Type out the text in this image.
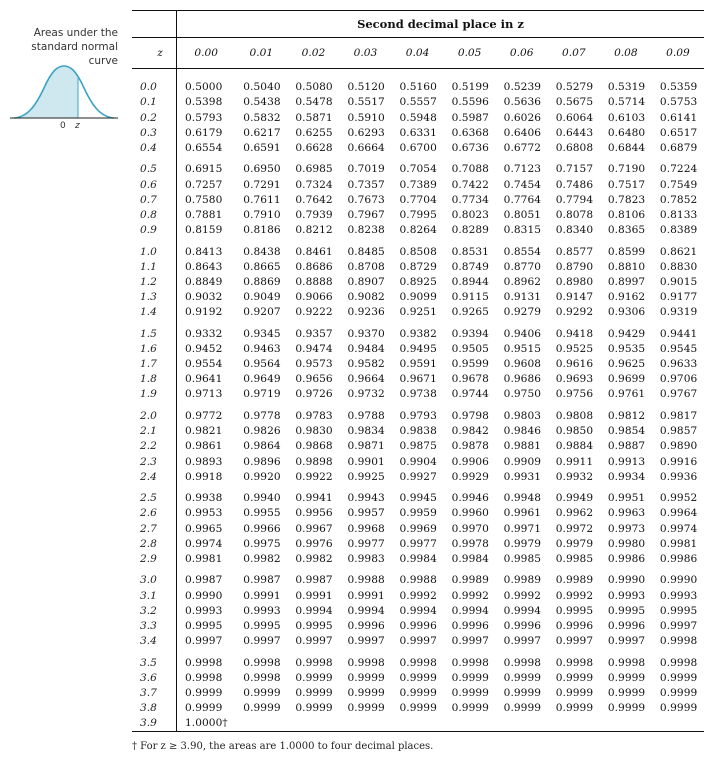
Areas under the standard normal curve
0 z
	Second decimal place in z									
z	0.00	0.01	0.02	0.03	0.04	0.05	0.06	0.07	0.08	0.09
0.0	0.5000	0.5040	0.5080	0.5120	0.5160	0.5199	0.5239	0.5279	0.5319	0.5359
0.1	0.5398	0.5438	0.5478	0.5517	0.5557	0.5596	0.5636	0.5675	0.5714	0.5753
0.2	0.5793	0.5832	0.5871	0.5910	0.5948	0.5987	0.6026	0.6064	0.6103	0.6141
0.3	0.6179	0.6217	0.6255	0.6293	0.6331	0.6368	0.6406	0.6443	0.6480	0.6517
0.4	0.6554	0.6591	0.6628	0.6664	0.6700	0.6736	0.6772	0.6808	0.6844	0.6879

0.5	0.6915	0.6950	0.6985	0.7019	0.7054	0.7088	0.7123	0.7157	0.7190	0.7224
0.6	0.7257	0.7291	0.7324	0.7357	0.7389	0.7422	0.7454	0.7486	0.7517	0.7549
0.7	0.7580	0.7611	0.7642	0.7673	0.7704	0.7734	0.7764	0.7794	0.7823	0.7852
0.8	0.7881	0.7910	0.7939	0.7967	0.7995	0.8023	0.8051	0.8078	0.8106	0.8133
0.9	0.8159	0.8186	0.8212	0.8238	0.8264	0.8289	0.8315	0.8340	0.8365	0.8389

1.0	0.8413	0.8438	0.8461	0.8485	0.8508	0.8531	0.8554	0.8577	0.8599	0.8621
1.1	0.8643	0.8665	0.8686	0.8708	0.8729	0.8749	0.8770	0.8790	0.8810	0.8830
1.2	0.8849	0.8869	0.8888	0.8907	0.8925	0.8944	0.8962	0.8980	0.8997	0.9015
1.3	0.9032	0.9049	0.9066	0.9082	0.9099	0.9115	0.9131	0.9147	0.9162	0.9177
1.4	0.9192	0.9207	0.9222	0.9236	0.9251	0.9265	0.9279	0.9292	0.9306	0.9319

1.5	0.9332	0.9345	0.9357	0.9370	0.9382	0.9394	0.9406	0.9418	0.9429	0.9441
1.6	0.9452	0.9463	0.9474	0.9484	0.9495	0.9505	0.9515	0.9525	0.9535	0.9545
1.7	0.9554	0.9564	0.9573	0.9582	0.9591	0.9599	0.9608	0.9616	0.9625	0.9633
1.8	0.9641	0.9649	0.9656	0.9664	0.9671	0.9678	0.9686	0.9693	0.9699	0.9706
1.9	0.9713	0.9719	0.9726	0.9732	0.9738	0.9744	0.9750	0.9756	0.9761	0.9767

2.0	0.9772	0.9778	0.9783	0.9788	0.9793	0.9798	0.9803	0.9808	0.9812	0.9817
2.1	0.9821	0.9826	0.9830	0.9834	0.9838	0.9842	0.9846	0.9850	0.9854	0.9857
2.2	0.9861	0.9864	0.9868	0.9871	0.9875	0.9878	0.9881	0.9884	0.9887	0.9890
2.3	0.9893	0.9896	0.9898	0.9901	0.9904	0.9906	0.9909	0.9911	0.9913	0.9916
2.4	0.9918	0.9920	0.9922	0.9925	0.9927	0.9929	0.9931	0.9932	0.9934	0.9936

2.5	0.9938	0.9940	0.9941	0.9943	0.9945	0.9946	0.9948	0.9949	0.9951	0.9952
2.6	0.9953	0.9955	0.9956	0.9957	0.9959	0.9960	0.9961	0.9962	0.9963	0.9964
2.7	0.9965	0.9966	0.9967	0.9968	0.9969	0.9970	0.9971	0.9972	0.9973	0.9974
2.8	0.9974	0.9975	0.9976	0.9977	0.9977	0.9978	0.9979	0.9979	0.9980	0.9981
2.9	0.9981	0.9982	0.9982	0.9983	0.9984	0.9984	0.9985	0.9985	0.9986	0.9986

3.0	0.9987	0.9987	0.9987	0.9988	0.9988	0.9989	0.9989	0.9989	0.9990	0.9990
3.1	0.9990	0.9991	0.9991	0.9991	0.9992	0.9992	0.9992	0.9992	0.9993	0.9993
3.2	0.9993	0.9993	0.9994	0.9994	0.9994	0.9994	0.9994	0.9995	0.9995	0.9995
3.3	0.9995	0.9995	0.9995	0.9996	0.9996	0.9996	0.9996	0.9996	0.9996	0.9997
3.4	0.9997	0.9997	0.9997	0.9997	0.9997	0.9997	0.9997	0.9997	0.9997	0.9998

3.5	0.9998	0.9998	0.9998	0.9998	0.9998	0.9998	0.9998	0.9998	0.9998	0.9998
3.6	0.9998	0.9998	0.9999	0.9999	0.9999	0.9999	0.9999	0.9999	0.9999	0.9999
3.7	0.9999	0.9999	0.9999	0.9999	0.9999	0.9999	0.9999	0.9999	0.9999	0.9999
3.8	0.9999	0.9999	0.9999	0.9999	0.9999	0.9999	0.9999	0.9999	0.9999	0.9999
3.9	1.0000†									
† For z ≥ 3.90, the areas are 1.0000 to four decimal places.
